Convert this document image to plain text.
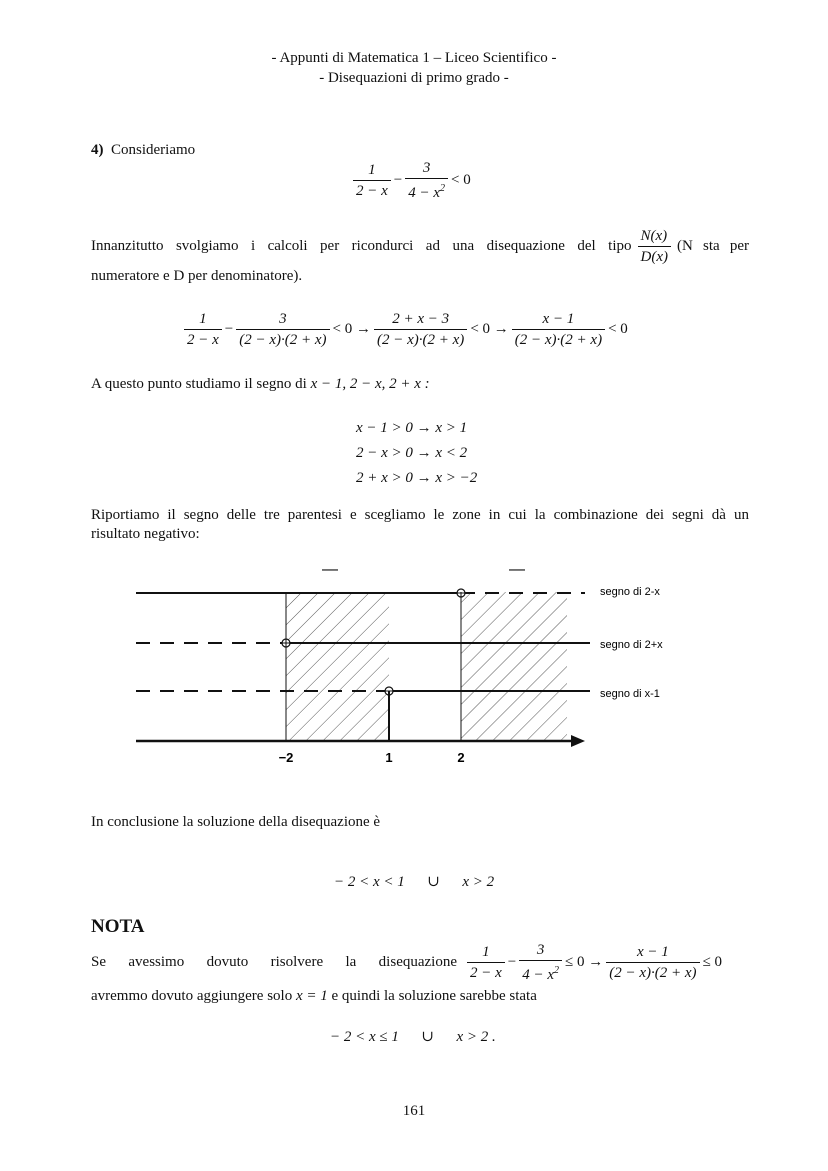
- Appunti di Matematica 1 – Liceo Scientifico -
- Disequazioni di primo grado -
4) Consideriamo
$\frac{1}{2 - x} - \frac{3}{4 - x^2} < 0$
Innanzitutto svolgiamo i calcoli per ricondurci ad una disequazione del tipo $\frac{N(x)}{D(x)} (N$ sta per
numeratore e D per denominatore).
$\frac{1}{2 - x} - \frac{3}{(2 - x)\cdot(2 + x)} < 0 \to \frac{2 + x - 3}{(2 - x)\cdot(2 + x)} < 0 \to \frac{x - 1}{(2 - x)\cdot(2 + x)} < 0$
A questo punto studiamo il segno di x − 1, 2 − x, 2 + x :
x − 1 > 0 → x > 1
2 − x > 0 → x < 2
2 + x > 0 → x > −2
Riportiamo il segno delle tre parentesi e scegliamo le zone in cui la combinazione dei segni dà un
risultato negativo:
—	—
−2	1	2
segno di 2-x
segno di 2+x
segno di x-1
In conclusione la soluzione della disequazione è
− 2 < x < 1      ∪      x > 2
NOTA
Se avessimo dovuto risolvere la disequazione $\frac{1}{2 - x} - \frac{3}{4 - x^2} \le 0 \to \frac{x - 1}{(2 - x)\cdot(2 + x)} \le 0$
avremmo dovuto aggiungere solo x = 1 e quindi la soluzione sarebbe stata
− 2 < x ≤ 1      ∪      x > 2 .
161
